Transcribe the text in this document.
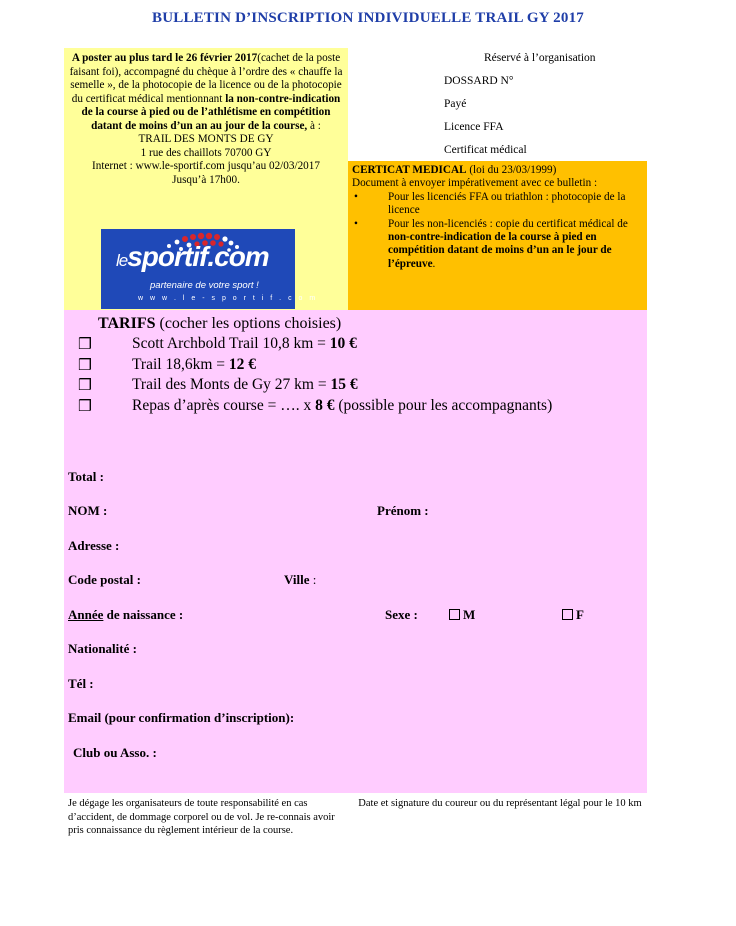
BULLETIN D’INSCRIPTION INDIVIDUELLE TRAIL GY 2017
A poster au plus tard le 26 février 2017(cachet de la poste faisant foi), accompagné du chèque à l’ordre des « chauffe la semelle », de la photocopie de la licence ou de la photocopie du certificat médical mentionnant la non-contre-indication de la course à pied ou de l’athlétisme en compétition datant de moins d’un an au jour de la course, à :
TRAIL DES MONTS DE GY
1 rue des chaillots 70700 GY
Internet : www.le-sportif.com jusqu’au 02/03/2017
Jusqu’à 17h00.
lesportif.com
partenaire de votre sport !
w w w . l e - s p o r t i f . c o m
Réservé à l’organisation
DOSSARD N°
Payé
Licence FFA
Certificat médical
CERTICAT MEDICAL (loi du 23/03/1999)
Document à envoyer impérativement avec ce bulletin :
•	Pour les licenciés FFA ou triathlon : photocopie de la licence
•	Pour les non-licenciés : copie du certificat médical de non-contre-indication de la course à pied en compétition datant de moins d’un an le jour de l’épreuve.
TARIFS (cocher les options choisies)
❒	Scott Archbold Trail 10,8 km = 10 €
❒	Trail 18,6km = 12 €
❒	Trail des Monts de Gy 27 km = 15 €
❒	Repas d’après course = …. x 8 € (possible pour les accompagnants)
Total :
NOM :	Prénom :
Adresse :
Code postal :	Ville :
Année de naissance :	Sexe :	M	F
Nationalité :
Tél :
Email (pour confirmation d’inscription):
Club ou Asso. :
Je dégage les organisateurs de toute responsabilité en cas d’accident, de dommage corporel ou de vol. Je re-connais avoir pris connaissance du règlement intérieur de la course.
Date et signature du coureur ou du représentant légal pour le 10 km
